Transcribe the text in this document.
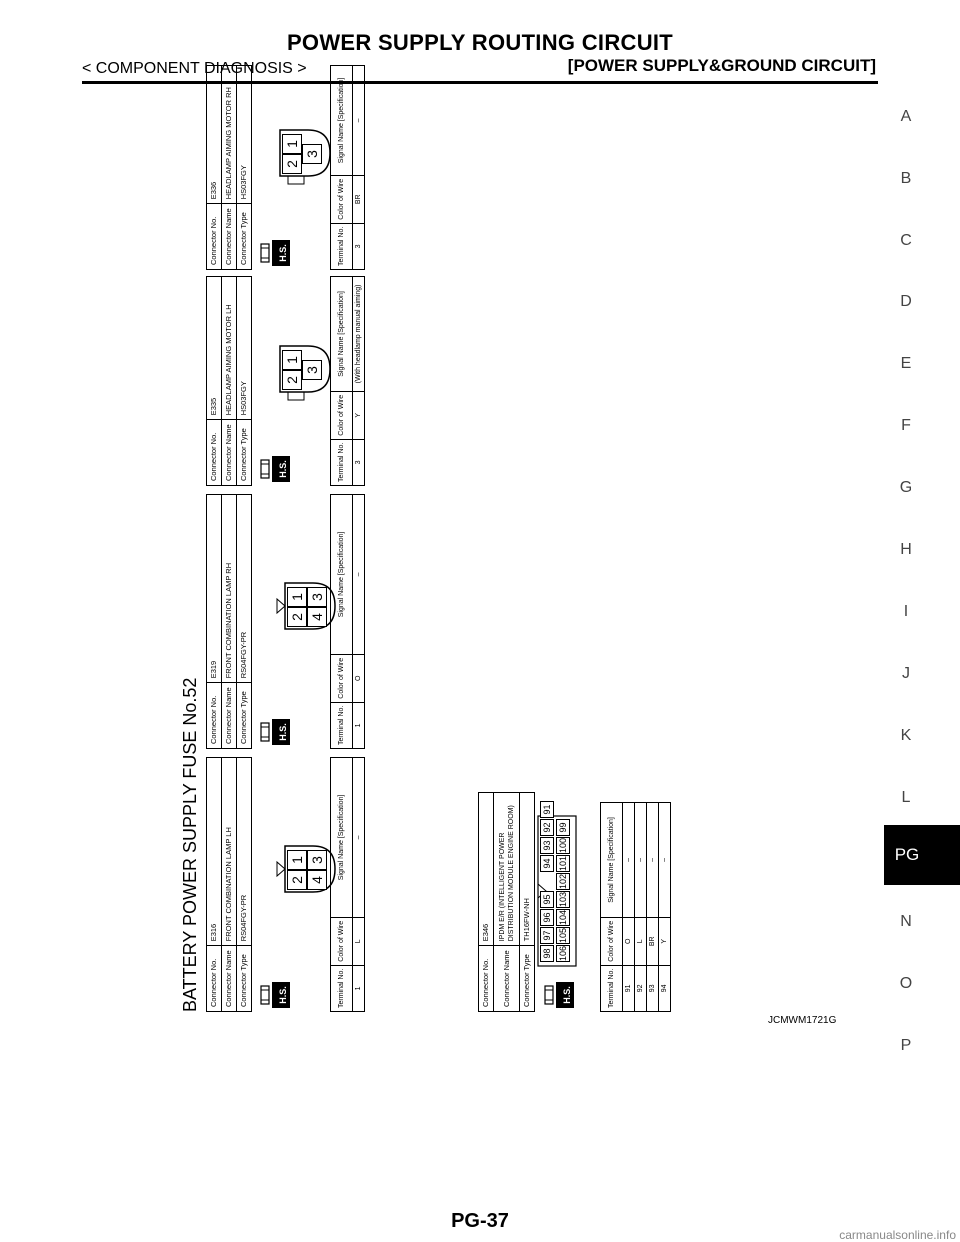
POWER SUPPLY ROUTING CIRCUIT
< COMPONENT DIAGNOSIS >	[POWER SUPPLY&GROUND CIRCUIT]
A
B
C
D
E
F
G
H
I
J
K
L
N
O
P
PG
BATTERY POWER SUPPLY FUSE No.52 Connector No.	E316
Connector Name	FRONT COMBINATION LAMP LH
Connector Type	RS04FGY-PR
H.S.
2
1
4
3
Terminal No.	Color of Wire	Signal Name [Specification]
1	L	–
Connector No.	E319
Connector Name	FRONT COMBINATION LAMP RH
Connector Type	RS04FGY-PR
H.S.
2
1
4
3
Terminal No.	Color of Wire	Signal Name [Specification]
1	O	–
Connector No.	E335
Connector Name	HEADLAMP AIMING MOTOR LH
Connector Type	HS03FGY
H.S.
2
1
3
Terminal No.	Color of Wire	Signal Name [Specification]
3	Y	(With headlamp manual aiming)
Connector No.	E336
Connector Name	HEADLAMP AIMING MOTOR RH
Connector Type	HS03FGY
H.S.
2
1
3
Terminal No.	Color of Wire	Signal Name [Specification]
3	BR	–
Connector No.	E346
Connector Name	IPDM E/R (INTELLIGENT POWER DISTRIBUTION MODULE ENGINE ROOM)
Connector Type	TH16FW-NH
H.S.
98
97
96
95
94
93
92
91
106
105
104
103
102
101
100
99
Terminal No.	Color of Wire	Signal Name [Specification]
91	O	–
92	L	–
93	BR	–
94	Y	–
JCMWM1721G
PG-37
carmanualsonline.info
